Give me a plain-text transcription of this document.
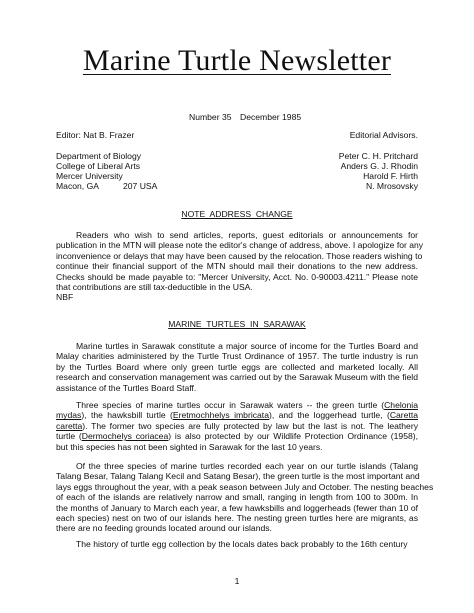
Marine Turtle Newsletter
Number 35 December 1985
Editor: Nat B. Frazer
Department of Biology
College of Liberal Arts
Mercer University
Macon, GA	207 USA
Editorial Advisors.
Peter C. H. Pritchard
Anders G. J. Rhodin
Harold F. Hirth
N. Mrosovsky
NOTE  ADDRESS  CHANGE
Readers who wish to send articles, reports, guest editorials or announcements for
publication in the MTN will please note the editor's change of address, above. I apologize for any
inconvenience or delays that may have been caused by the relocation. Those readers wishing to
continue their financial support of the MTN should mail their donations to the new address.
Checks should be made payable to: "Mercer University, Acct. No. 0-90003.4211." Please note
that contributions are still tax-deductible in the USA.
NBF
MARINE  TURTLES  IN  SARAWAK
Marine turtles in Sarawak constitute a major source of income for the Turtles Board and
Malay charities administered by the Turtle Trust Ordinance of 1957. The turtle industry is run
by the Turtles Board where only green turtle eggs are collected and marketed locally. All
research and conservation management was carried out by the Sarawak Museum with the field
assistance of the Turtles Board Staff.
Three species of marine turtles occur in Sarawak waters -- the green turtle (Chelonia
mydas), the hawksbill turtle (Eretmochhelys imbricata), and the loggerhead turtle, (Caretta
caretta). The former two species are fully protected by law but the last is not. The leathery
turtle (Dermochelys coriacea) is also protected by our Wildlife Protection Ordinance (1958),
but this species has not been sighted in Sarawak for the last 10 years.
Of the three species of marine turtles recorded each year on our turtle islands (Talang
Talang Besar, Talang Talang Kecil and Satang Besar), the green turtle is the most important and
lays eggs throughout the year, with a peak season between July and October. The nesting beaches
of each of the islands are relatively narrow and small, ranging in length from 100 to 300m. In
the months of January to March each year, a few hawksbills and loggerheads (fewer than 10 of
each species) nest on two of our islands here. The nesting green turtles here are migrants, as
there are no feeding grounds located around our islands.
The history of turtle egg collection by the locals dates back probably to the 16th century
1
